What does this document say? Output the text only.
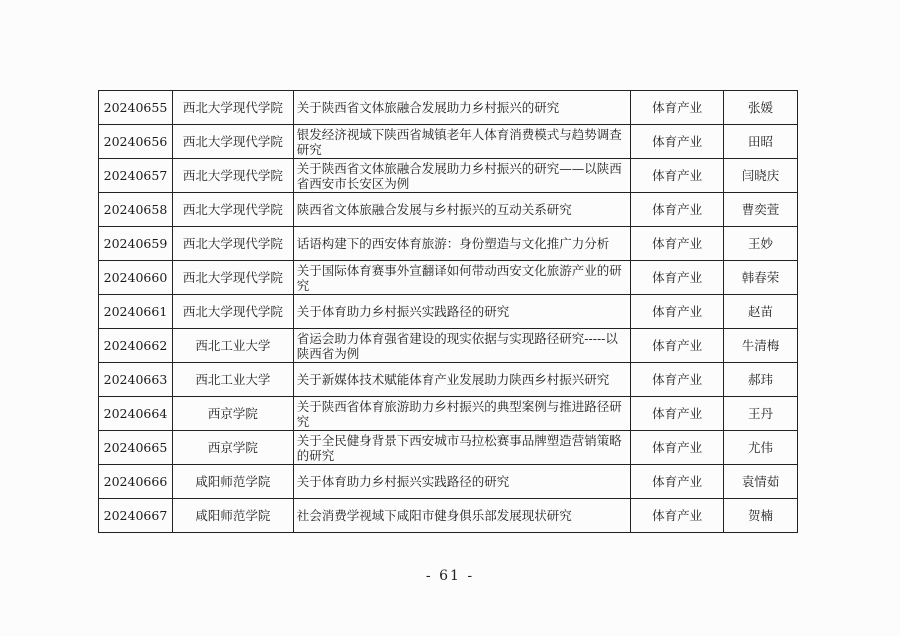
20240655	西北大学现代学院	关于陕西省文体旅融合发展助力乡村振兴的研究	体育产业	张媛
20240656	西北大学现代学院	银发经济视域下陕西省城镇老年人体育消费模式与趋势调查研究	体育产业	田昭
20240657	西北大学现代学院	关于陕西省文体旅融合发展助力乡村振兴的研究——以陕西省西安市长安区为例	体育产业	闫晓庆
20240658	西北大学现代学院	陕西省文体旅融合发展与乡村振兴的互动关系研究	体育产业	曹奕萱
20240659	西北大学现代学院	话语构建下的西安体育旅游：身份塑造与文化推广力分析	体育产业	王妙
20240660	西北大学现代学院	关于国际体育赛事外宣翻译如何带动西安文化旅游产业的研究	体育产业	韩春荣
20240661	西北大学现代学院	关于体育助力乡村振兴实践路径的研究	体育产业	赵苗
20240662	西北工业大学	省运会助力体育强省建设的现实依据与实现路径研究-----以陕西省为例	体育产业	牛清梅
20240663	西北工业大学	关于新媒体技术赋能体育产业发展助力陕西乡村振兴研究	体育产业	郝玮
20240664	西京学院	关于陕西省体育旅游助力乡村振兴的典型案例与推进路径研究	体育产业	王丹
20240665	西京学院	关于全民健身背景下西安城市马拉松赛事品牌塑造营销策略的研究	体育产业	尤伟
20240666	咸阳师范学院	关于体育助力乡村振兴实践路径的研究	体育产业	袁情茹
20240667	咸阳师范学院	社会消费学视域下咸阳市健身俱乐部发展现状研究	体育产业	贺楠
- 61 -
